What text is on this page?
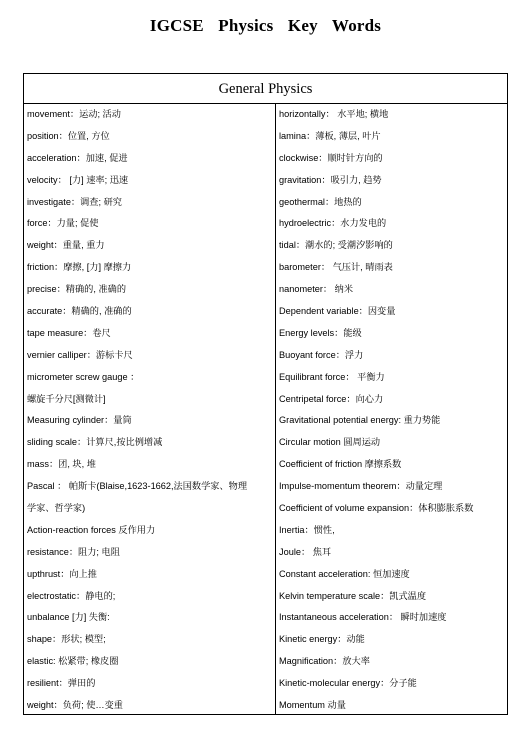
IGCSE Physics Key Words
General Physics
movement：运动; 活动
position：位置, 方位
acceleration：加速, 促进
velocity： [力] 速率; 迅速
investigate：调查; 研究
force：力量; 促使
weight：重量, 重力
friction：摩擦, [力] 摩擦力
precise：精确的, 准确的
accurate：精确的, 准确的
tape measure：卷尺
vernier calliper：游标卡尺
micrometer screw gauge ：
螺旋千分尺[测微计]
Measuring cylinder：量筒
sliding scale：计算尺,按比例增减
mass：团, 块, 堆
Pascal ： 帕斯卡(Blaise,1623-1662,法国数学家、物理
学家、哲学家)
Action-reaction forces 反作用力
resistance：阻力; 电阻
upthrust：向上推
electrostatic：静电的;
unbalance [力] 失衡:
shape：形状; 模型;
elastic: 松紧带; 橡皮圈
resilient：弹田的
weight：负荷; 使…变重
horizontally： 水平地; 横地
lamina：薄板, 薄层, 叶片
clockwise：顺时针方向的
gravitation：吸引力, 趋势
geothermal：地热的
hydroelectric：水力发电的
tidal：潮水的; 受潮汐影响的
barometer： 气压计, 晴雨表
nanometer： 纳米
Dependent variable：因变量
Energy levels：能级
Buoyant force：浮力
Equilibrant force： 平衡力
Centripetal force：向心力
Gravitational potential energy: 重力势能
Circular motion 圆周运动
Coefficient of friction 摩擦系数
Impulse-momentum theorem：动量定理
Coefficient of volume expansion：体积膨胀系数
Inertia：惯性,
Joule： 焦耳
Constant acceleration: 恒加速度
Kelvin temperature scale：凯式温度
Instantaneous acceleration： 瞬时加速度
Kinetic energy：动能
Magnification：放大率
Kinetic-molecular energy：分子能
Momentum 动量
